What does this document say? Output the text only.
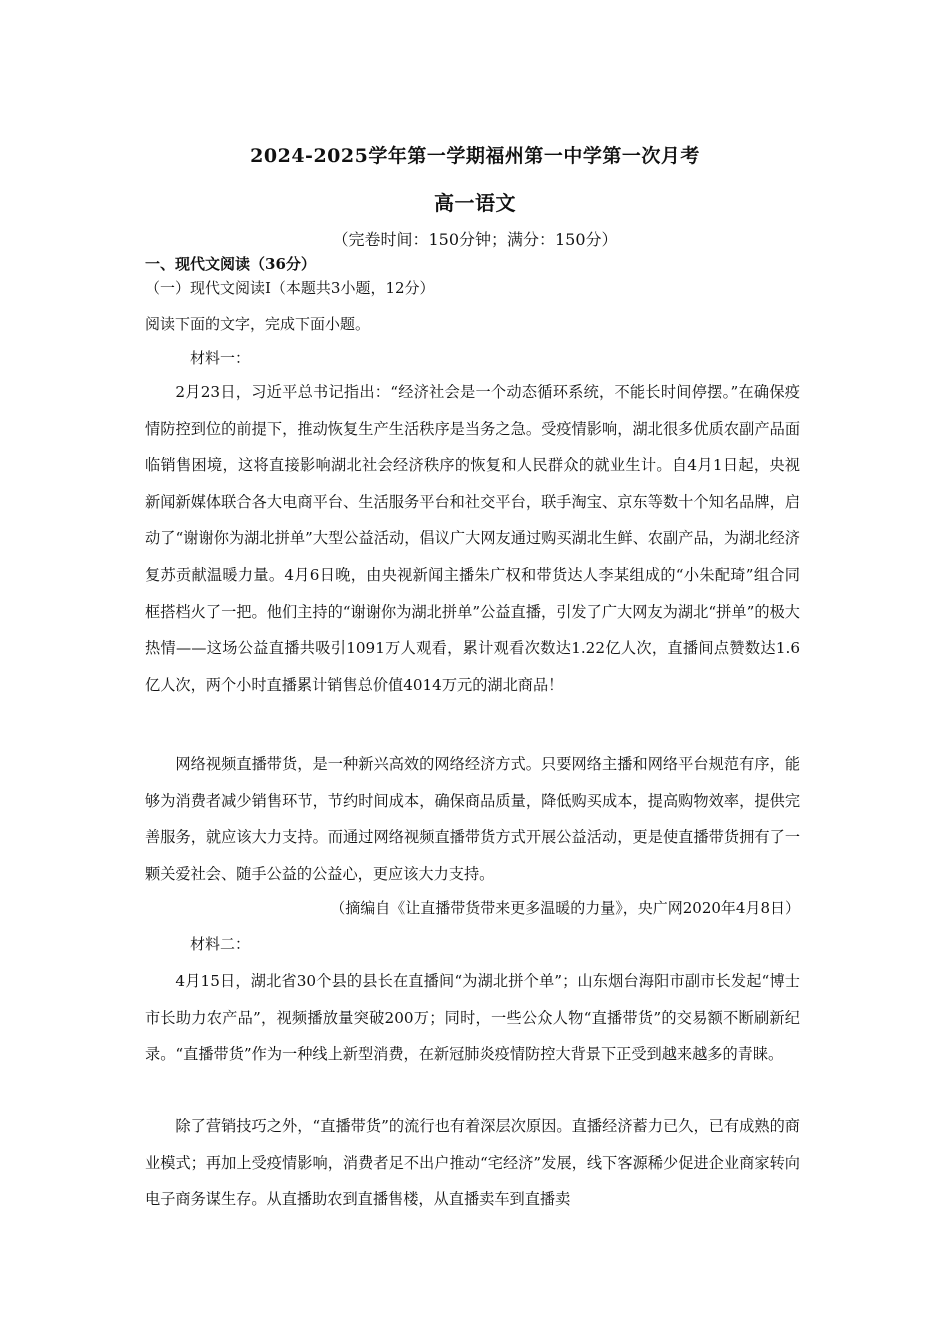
2024-2025学年第一学期福州第一中学第一次月考
高一语文
（完卷时间：150分钟；满分：150分）
一、现代文阅读（36分）
（一）现代文阅读Ⅰ（本题共3小题，12分）
阅读下面的文字，完成下面小题。
材料一：

2月23日，习近平总书记指出：“经济社会是一个动态循环系统，不能长时间停摆。”在确保疫情防控到位的前提下，推动恢复生产生活秩序是当务之急。受疫情影响，湖北很多优质农副产品面临销售困境，这将直接影响湖北社会经济秩序的恢复和人民群众的就业生计。自4月1日起，央视新闻新媒体联合各大电商平台、生活服务平台和社交平台，联手淘宝、京东等数十个知名品牌，启动了“谢谢你为湖北拼单”大型公益活动，倡议广大网友通过购买湖北生鲜、农副产品，为湖北经济复苏贡献温暖力量。4月6日晚，由央视新闻主播朱广权和带货达人李某组成的“小朱配琦”组合同框搭档火了一把。他们主持的“谢谢你为湖北拼单”公益直播，引发了广大网友为湖北“拼单”的极大热情——这场公益直播共吸引1091万人观看，累计观看次数达1.22亿人次，直播间点赞数达1.6亿人次，两个小时直播累计销售总价值4014万元的湖北商品！

网络视频直播带货，是一种新兴高效的网络经济方式。只要网络主播和网络平台规范有序，能够为消费者减少销售环节，节约时间成本，确保商品质量，降低购买成本，提高购物效率，提供完善服务，就应该大力支持。而通过网络视频直播带货方式开展公益活动，更是使直播带货拥有了一颗关爱社会、随手公益的公益心，更应该大力支持。

（摘编自《让直播带货带来更多温暖的力量》，央广网2020年4月8日）
材料二：

4月15日，湖北省30个县的县长在直播间“为湖北拼个单”；山东烟台海阳市副市长发起“博士市长助力农产品”，视频播放量突破200万；同时，一些公众人物“直播带货”的交易额不断刷新纪录。“直播带货”作为一种线上新型消费，在新冠肺炎疫情防控大背景下正受到越来越多的青睐。

除了营销技巧之外，“直播带货”的流行也有着深层次原因。直播经济蓄力已久，已有成熟的商业模式；再加上受疫情影响，消费者足不出户推动“宅经济”发展，线下客源稀少促进企业商家转向电子商务谋生存。从直播助农到直播售楼，从直播卖车到直播卖
